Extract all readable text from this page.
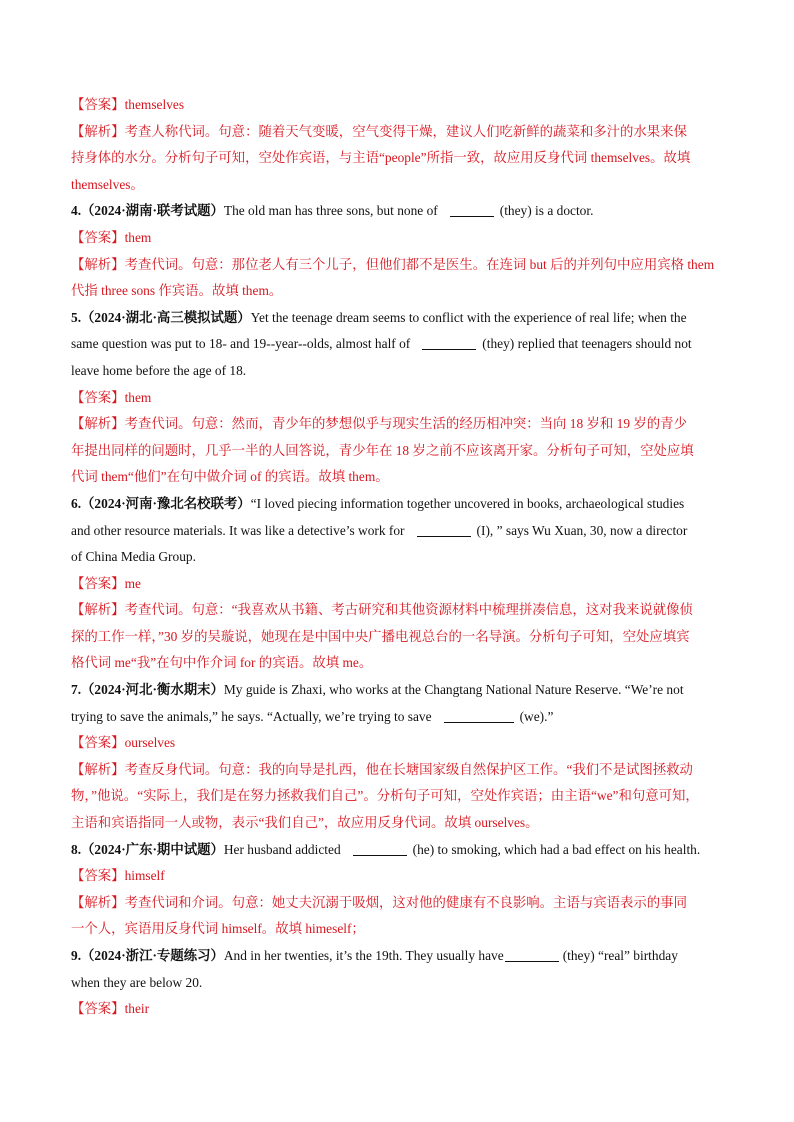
【答案】themselves
【解析】考查人称代词。句意：随着天气变暖，空气变得干燥，建议人们吃新鲜的蔬菜和多汁的水果来保
持身体的水分。分析句子可知，空处作宾语，与主语“people”所指一致，故应用反身代词 themselves。故填
themselves。
4.（2024·湖南·联考试题）The old man has three sons, but none of	(they) is a doctor.
【答案】them
【解析】考查代词。句意：那位老人有三个儿子，但他们都不是医生。在连词 but 后的并列句中应用宾格 them
代指 three sons 作宾语。故填 them。
5.（2024·湖北·高三模拟试题）Yet the teenage dream seems to conflict with the experience of real life; when the
same question was put to 18- and 19--year--olds, almost half of	(they) replied that teenagers should not
leave home before the age of 18.
【答案】them
【解析】考查代词。句意：然而，青少年的梦想似乎与现实生活的经历相冲突：当向 18 岁和 19 岁的青少
年提出同样的问题时，几乎一半的人回答说，青少年在 18 岁之前不应该离开家。分析句子可知，空处应填
代词 them“他们”在句中做介词 of 的宾语。故填 them。
6.（2024·河南·豫北名校联考）“I loved piecing information together uncovered in books, archaeological studies
and other resource materials. It was like a detective’s work for	(I), ” says Wu Xuan, 30, now a director
of China Media Group.
【答案】me
【解析】考查代词。句意：“我喜欢从书籍、考古研究和其他资源材料中梳理拼凑信息，这对我来说就像侦
探的工作一样，”30 岁的吴璇说，她现在是中国中央广播电视总台的一名导演。分析句子可知，空处应填宾
格代词 me“我”在句中作介词 for 的宾语。故填 me。
7.（2024·河北·衡水期末）My guide is Zhaxi, who works at the Changtang National Nature Reserve. “We’re not
trying to save the animals,” he says. “Actually, we’re trying to save	(we).”
【答案】ourselves
【解析】考查反身代词。句意：我的向导是扎西，他在长塘国家级自然保护区工作。“我们不是试图拯救动
物，”他说。“实际上，我们是在努力拯救我们自己”。分析句子可知，空处作宾语；由主语“we”和句意可知，
主语和宾语指同一人或物，表示“我们自己”，故应用反身代词。故填 ourselves。
8.（2024·广东·期中试题）Her husband addicted	(he) to smoking, which had a bad effect on his health.
【答案】himself
【解析】考查代词和介词。句意：她丈夫沉溺于吸烟，这对他的健康有不良影响。主语与宾语表示的事同
一个人，宾语用反身代词 himself。故填 himeself；
9.（2024·浙江·专题练习）And in her twenties, it’s the 19th. They usually have	(they) “real” birthday
when they are below 20.
【答案】their
